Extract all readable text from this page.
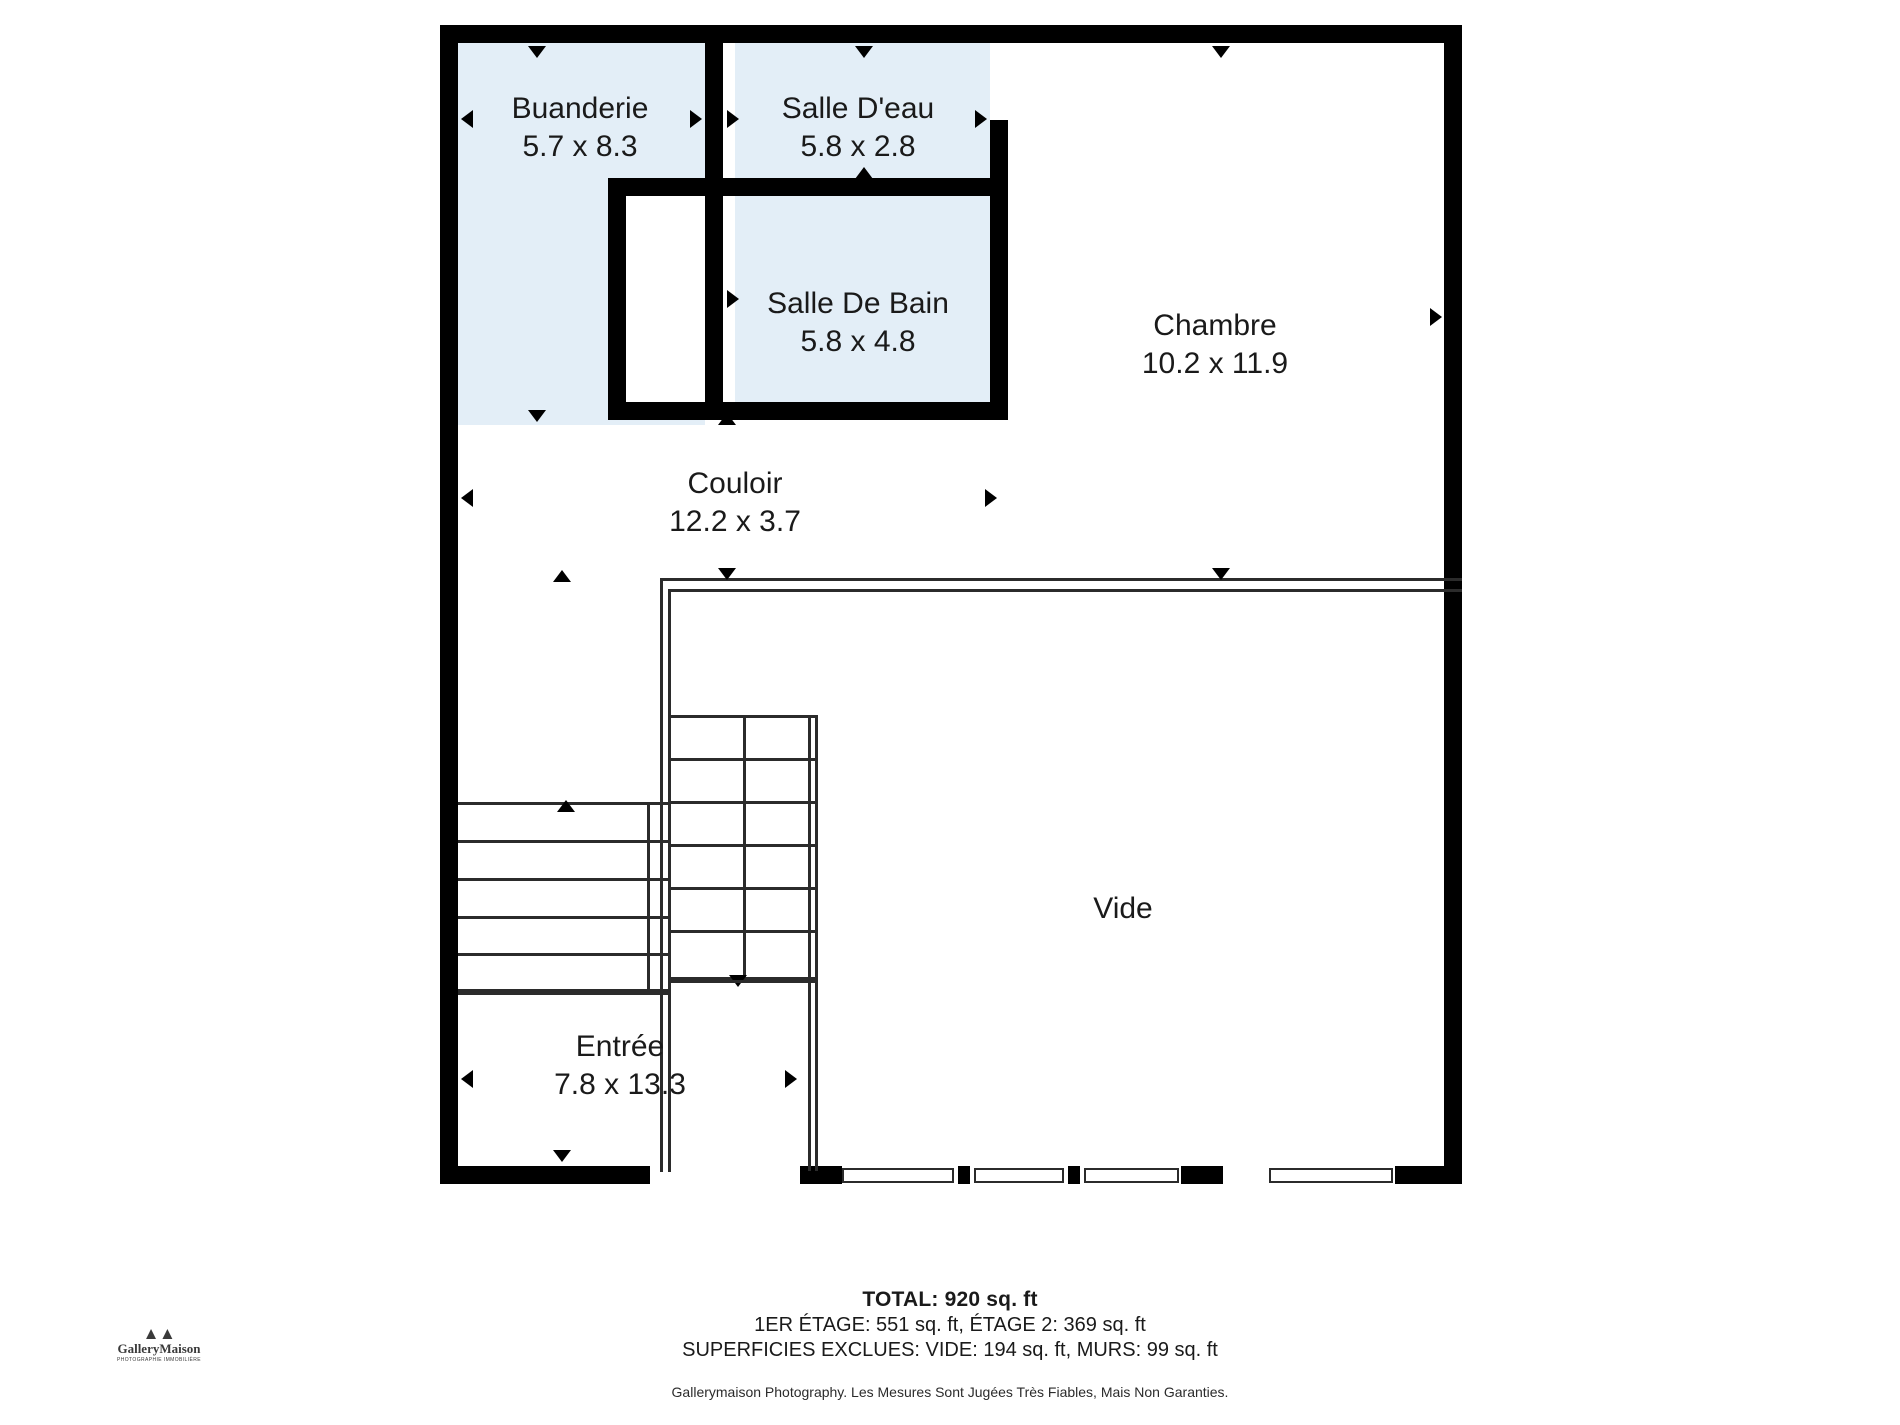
Buanderie
5.7 x 8.3
Salle D'eau
5.8 x 2.8
Salle De Bain
5.8 x 4.8	Chambre
10.2 x 11.9
Couloir
12.2 x 3.7
Vide
Entrée
7.8 x 13.3

TOTAL: 920 sq. ft

1ER ÉTAGE: 551 sq. ft, ÉTAGE 2: 369 sq. ft

SUPERFICIES EXCLUES: VIDE: 194 sq. ft, MURS: 99 sq. ft

Gallerymaison Photography. Les Mesures Sont Jugées Très Fiables, Mais Non Garanties.

▲▲
GalleryMaison
PHOTOGRAPHIE IMMOBILIÈRE
